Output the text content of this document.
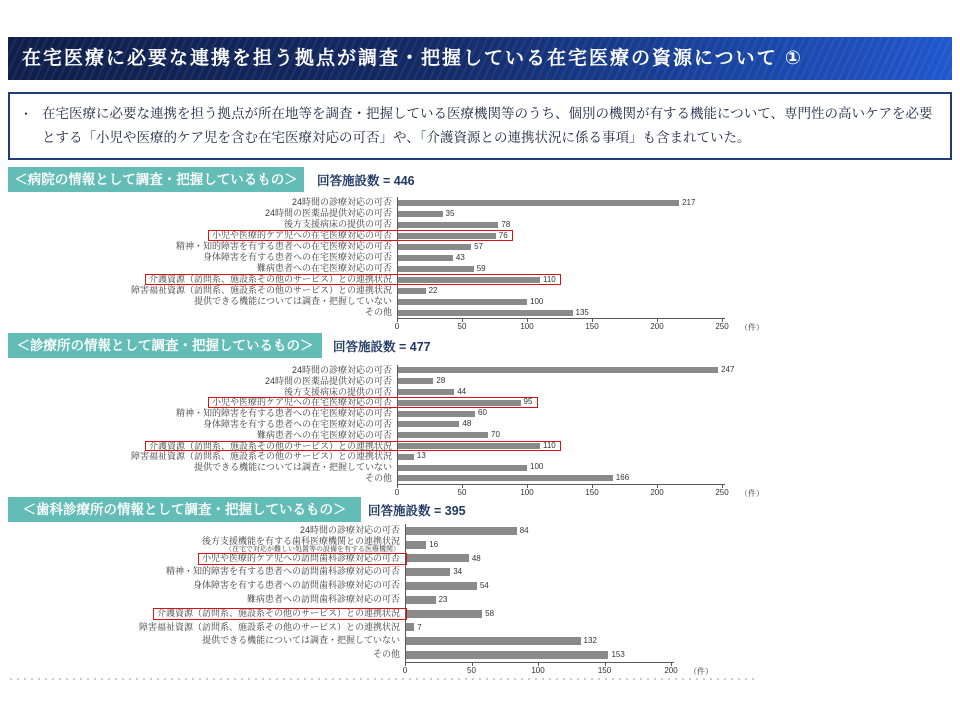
在宅医療に必要な連携を担う拠点が調査・把握している在宅医療の資源について ①
・ 在宅医療に必要な連携を担う拠点が所在地等を調査・把握している医療機関等のうち、個別の機関が有する機能について、専門性の高いケアを必要とする「小児や医療的ケア児を含む在宅医療対応の可否」や、「介護資源との連携状況に係る事項」も含まれていた。
＜病院の情報として調査・把握しているもの＞	回答施設数 = 446
24時間の診療対応の可否	217
24時間の医薬品提供対応の可否	35
後方支援病床の提供の可否	78
小児や医療的ケア児への在宅医療対応の可否	76
精神・知的障害を有する患者への在宅医療対応の可否	57
身体障害を有する患者への在宅医療対応の可否	43
難病患者への在宅医療対応の可否	59
介護資源（訪問系、施設系その他のサービス）との連携状況	110
障害福祉資源（訪問系、施設系その他のサービス）との連携状況	22
提供できる機能については調査・把握していない	100
その他	135
0	50	100	150	200	250 （件）
＜診療所の情報として調査・把握しているもの＞	回答施設数 = 477
24時間の診療対応の可否	247
24時間の医薬品提供対応の可否	28
後方支援病床の提供の可否	44
小児や医療的ケア児への在宅医療対応の可否	95
精神・知的障害を有する患者への在宅医療対応の可否	60
身体障害を有する患者への在宅医療対応の可否	48
難病患者への在宅医療対応の可否	70
介護資源（訪問系、施設系その他のサービス）との連携状況	110
障害福祉資源（訪問系、施設系その他のサービス）との連携状況	13
提供できる機能については調査・把握していない	100
その他	166
0	50	100	150	200	250 （件）
＜歯科診療所の情報として調査・把握しているもの＞	回答施設数 = 395
24時間の診療対応の可否	84
後方支援機能を有する歯科医療機関との連携状況
（在宅で対応が難しい処置等の設備を有する医療機関）
16
小児や医療的ケア児への訪問歯科診療対応の可否	48
精神・知的障害を有する患者への訪問歯科診療対応の可否	34
身体障害を有する患者への訪問歯科診療対応の可否	54
難病患者への訪問歯科診療対応の可否	23
介護資源（訪問系、施設系その他のサービス）との連携状況	58
障害福祉資源（訪問系、施設系その他のサービス）との連携状況	7
提供できる機能については調査・把握していない	132
その他	153
0	50	100	150	200 （件）
